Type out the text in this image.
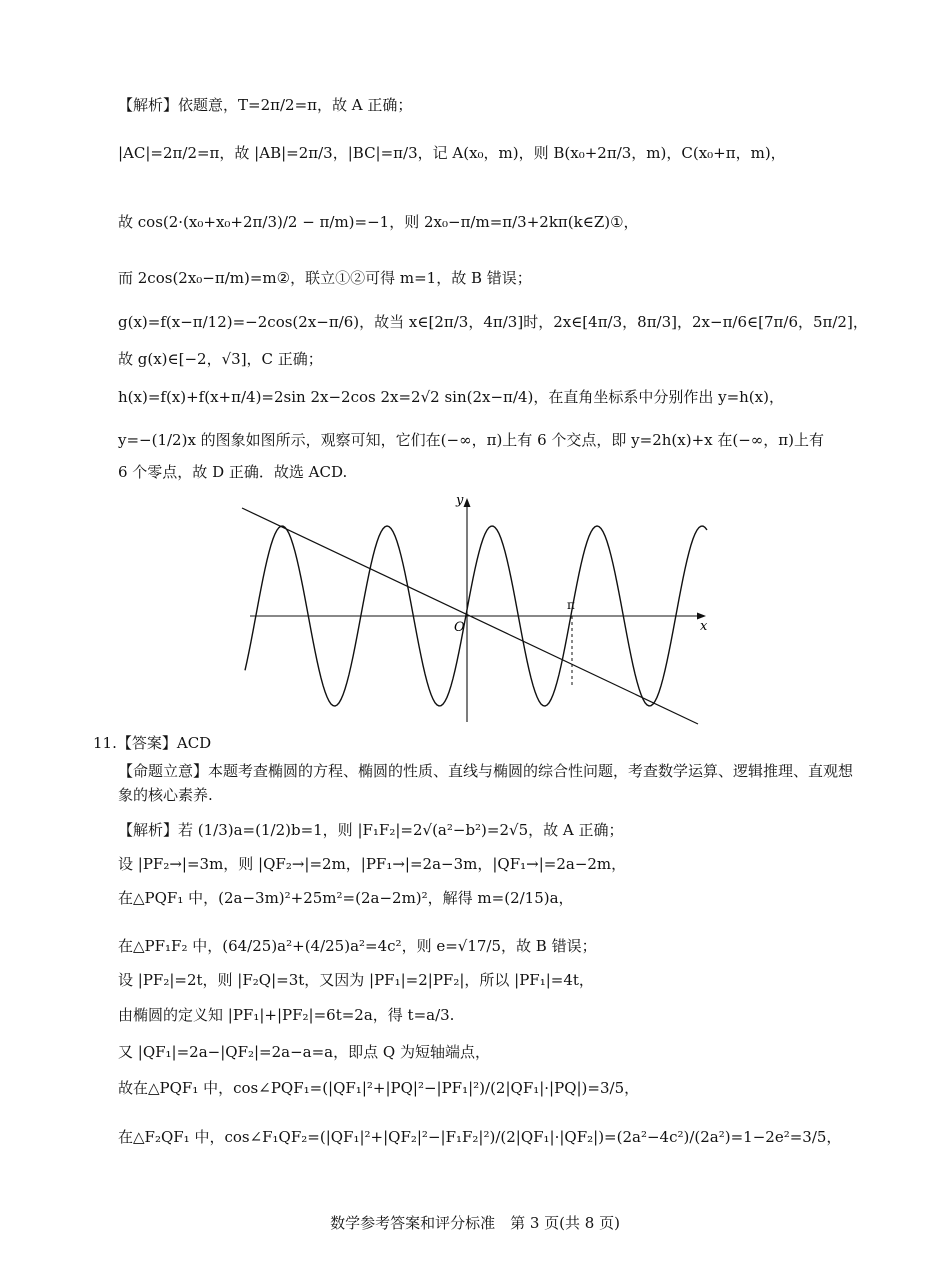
【解析】依题意，T=2π/2=π，故 A 正确；
|AC|=2π/2=π，故 |AB|=2π/3，|BC|=π/3，记 A(x₀，m)，则 B(x₀+2π/3，m)，C(x₀+π，m)，
故 cos(2·(x₀+x₀+2π/3)/2 − π/m)=−1，则 2x₀−π/m=π/3+2kπ(k∈Z)①，
而 2cos(2x₀−π/m)=m②，联立①②可得 m=1，故 B 错误；
g(x)=f(x−π/12)=−2cos(2x−π/6)，故当 x∈[2π/3，4π/3]时，2x∈[4π/3，8π/3]，2x−π/6∈[7π/6，5π/2]，
故 g(x)∈[−2，√3]，C 正确；
h(x)=f(x)+f(x+π/4)=2sin 2x−2cos 2x=2√2 sin(2x−π/4)，在直角坐标系中分别作出 y=h(x)，
y=−(1/2)x 的图象如图所示，观察可知，它们在(−∞，π)上有 6 个交点，即 y=2h(x)+x 在(−∞，π)上有
6 个零点，故 D 正确．故选 ACD.
y
x
O
π
11.【答案】ACD
【命题立意】本题考查椭圆的方程、椭圆的性质、直线与椭圆的综合性问题，考查数学运算、逻辑推理、直观想象的核心素养.
【解析】若 (1/3)a=(1/2)b=1，则 |F₁F₂|=2√(a²−b²)=2√5，故 A 正确；
设 |PF₂→|=3m，则 |QF₂→|=2m，|PF₁→|=2a−3m，|QF₁→|=2a−2m，
在△PQF₁ 中，(2a−3m)²+25m²=(2a−2m)²，解得 m=(2/15)a，
在△PF₁F₂ 中，(64/25)a²+(4/25)a²=4c²，则 e=√17/5，故 B 错误；
设 |PF₂|=2t，则 |F₂Q|=3t，又因为 |PF₁|=2|PF₂|，所以 |PF₁|=4t，
由椭圆的定义知 |PF₁|+|PF₂|=6t=2a，得 t=a/3.
又 |QF₁|=2a−|QF₂|=2a−a=a，即点 Q 为短轴端点，
故在△PQF₁ 中，cos∠PQF₁=(|QF₁|²+|PQ|²−|PF₁|²)/(2|QF₁|·|PQ|)=3/5，
在△F₂QF₁ 中，cos∠F₁QF₂=(|QF₁|²+|QF₂|²−|F₁F₂|²)/(2|QF₁|·|QF₂|)=(2a²−4c²)/(2a²)=1−2e²=3/5，
数学参考答案和评分标准　第 3 页(共 8 页)
